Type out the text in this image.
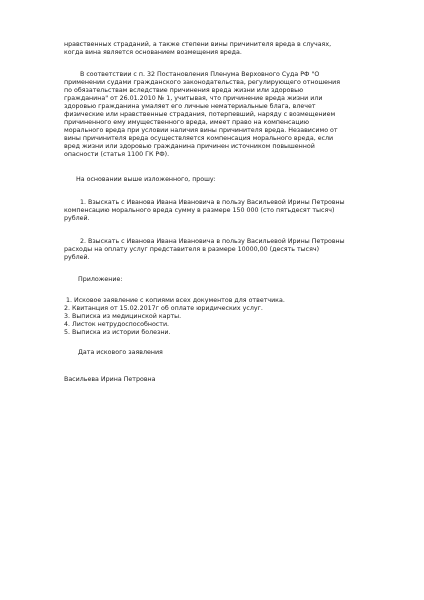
нравственных страданий, а также степени вины причинителя вреда в случаях,
когда вина является основанием возмещения вреда.
В соответствии с п. 32 Постановления Пленума Верховного Суда РФ "О
применении судами гражданского законодательства, регулирующего отношения
по обязательствам вследствие причинения вреда жизни или здоровью
гражданина" от 26.01.2010 № 1, учитывая, что причинение вреда жизни или
здоровью гражданина умаляет его личные нематериальные блага, влечет
физические или нравственные страдания, потерпевший, наряду с возмещением
причиненного ему имущественного вреда, имеет право на компенсацию
морального вреда при условии наличия вины причинителя вреда. Независимо от
вины причинителя вреда осуществляется компенсация морального вреда, если
вред жизни или здоровью гражданина причинен источником повышенной
опасности (статья 1100 ГК РФ).
На основании выше изложенного, прошу:
1. Взыскать с Иванова Ивана Ивановича в пользу Васильевой Ирины Петровны
компенсацию морального вреда сумму в размере 150 000 (сто пятьдесят тысяч)
рублей.
2. Взыскать с Иванова Ивана Ивановича в пользу Васильевой Ирины Петровны
расходы на оплату услуг представителя в размере 10000,00 (десять тысяч)
рублей.
Приложение:
1. Исковое заявление с копиями всех документов для ответчика.
2. Квитанция от 15.02.2017г об оплате юридических услуг.
3. Выписка из медицинской карты.
4. Листок нетрудоспособности.
5. Выписка из истории болезни.
Дата искового заявления
Васильева Ирина Петровна
